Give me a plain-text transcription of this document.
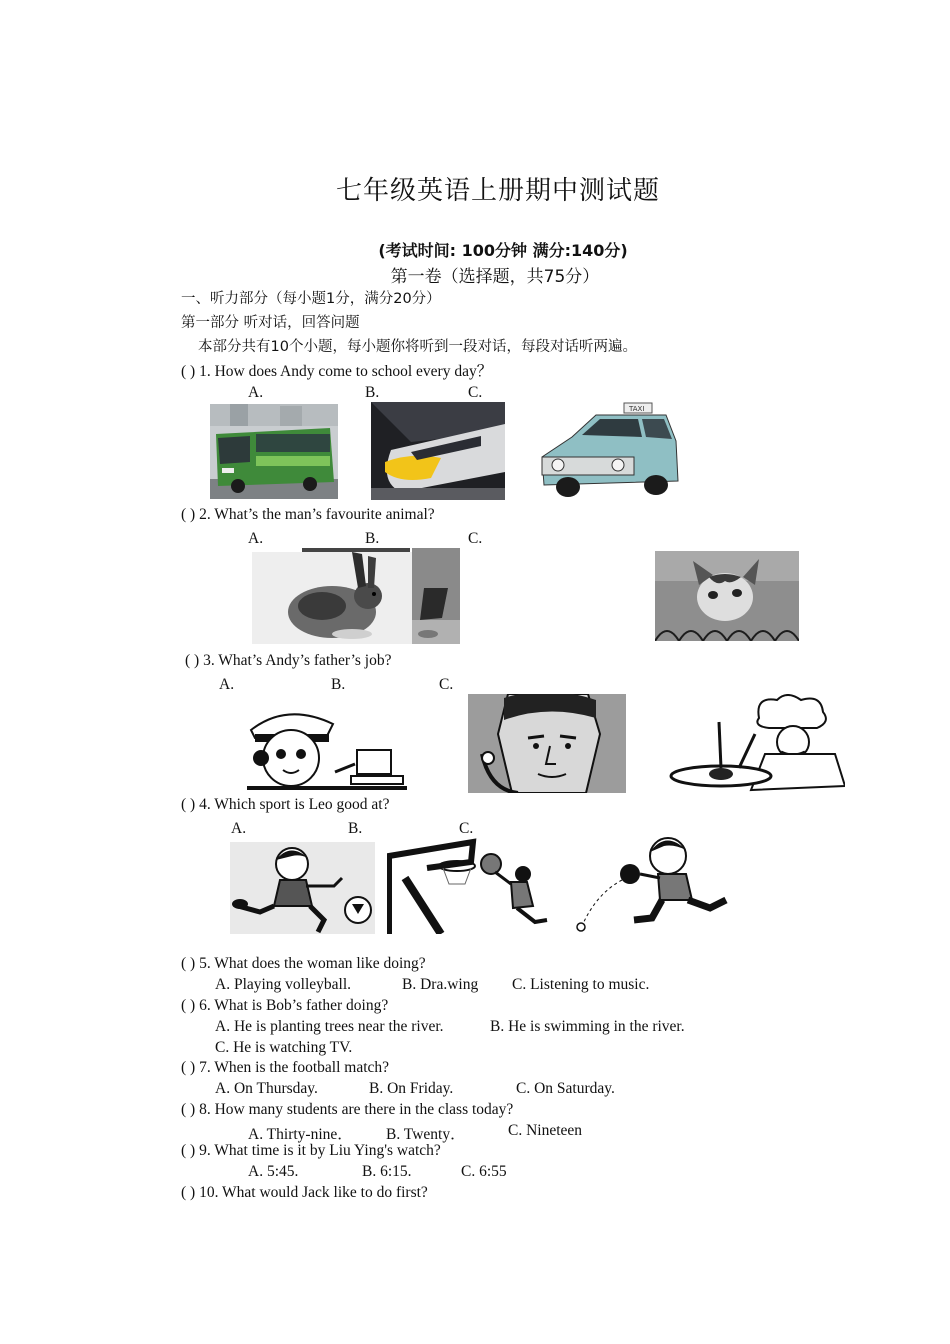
七年级英语上册期中测试题
(考试时间: 100分钟 满分:140分)
第一卷（选择题，共75分）
一、听力部分（每小题1分，满分20分）
第一部分 听对话，回答问题
本部分共有10个小题，每小题你将听到一段对话，每段对话听两遍。
( ) 1. How does Andy come to school every day？
A.	B.	C.
TAXI
( ) 2. What’s the man’s favourite animal?
A.	B.	C.
( ) 3. What’s Andy’s father’s job?
A.	B.	C.
( ) 4. Which sport is Leo good at?
A.	B.	C.
( ) 5. What does the woman like doing?
A. Playing volleyball.	B. Dra.wing C. Listening to music.
( ) 6. What is Bob’s father doing?
A. He is planting trees near the river.	B. He is swimming in the river.
C. He is watching TV.
( ) 7. When is the football match?
A. On Thursday.	B. On Friday.	C. On Saturday.
( ) 8. How many students are there in the class today?
A. Thirty-nine． B. Twenty．	C. Nineteen
( ) 9. What time is it by Liu Ying's watch?
A. 5:45.	B. 6:15.	C. 6:55
( ) 10. What would Jack like to do first?
